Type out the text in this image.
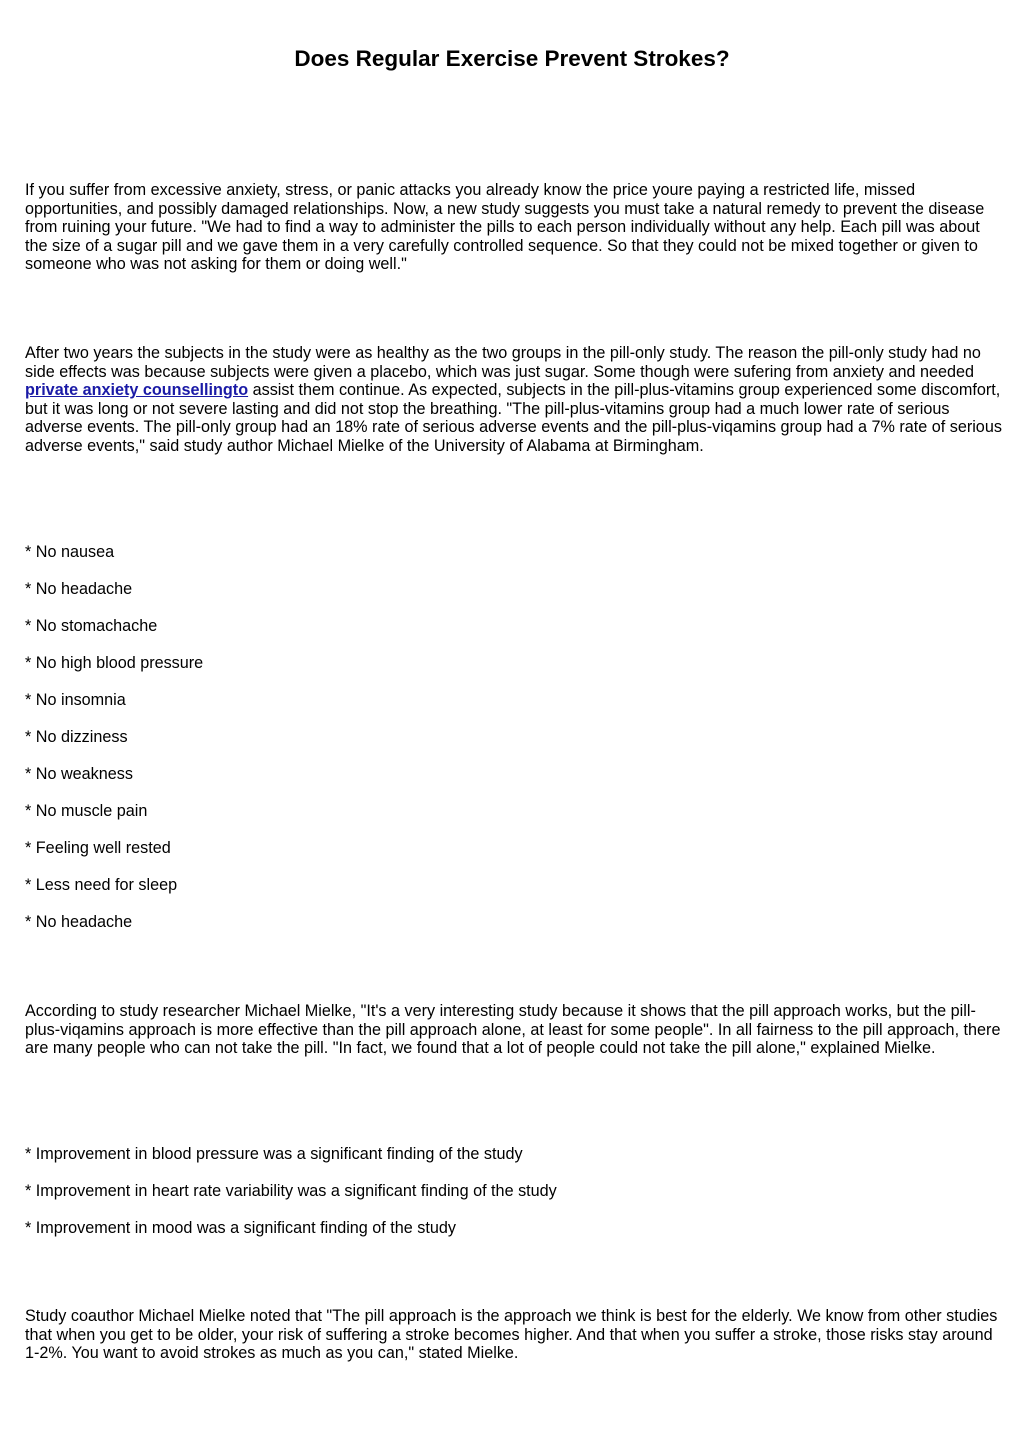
Does Regular Exercise Prevent Strokes?

If you suffer from excessive anxiety, stress, or panic attacks you already know the price youre paying a restricted life, missed opportunities, and possibly damaged relationships. Now, a new study suggests you must take a natural remedy to prevent the disease from ruining your future. "We had to find a way to administer the pills to each person individually without any help. Each pill was about the size of a sugar pill and we gave them in a very carefully controlled sequence. So that they could not be mixed together or given to someone who was not asking for them or doing well."

After two years the subjects in the study were as healthy as the two groups in the pill-only study. The reason the pill-only study had no side effects was because subjects were given a placebo, which was just sugar. Some though were sufering from anxiety and needed private anxiety counsellingto assist them continue. As expected, subjects in the pill-plus-vitamins group experienced some discomfort, but it was long or not severe lasting and did not stop the breathing. "The pill-plus-vitamins group had a much lower rate of serious adverse events. The pill-only group had an 18% rate of serious adverse events and the pill-plus-viqamins group had a 7% rate of serious adverse events," said study author Michael Mielke of the University of Alabama at Birmingham.

* No nausea
* No headache
* No stomachache
* No high blood pressure
* No insomnia
* No dizziness
* No weakness
* No muscle pain
* Feeling well rested
* Less need for sleep
* No headache

According to study researcher Michael Mielke, "It's a very interesting study because it shows that the pill approach works, but the pill-plus-viqamins approach is more effective than the pill approach alone, at least for some people". In all fairness to the pill approach, there are many people who can not take the pill. "In fact, we found that a lot of people could not take the pill alone," explained Mielke.

* Improvement in blood pressure was a significant finding of the study
* Improvement in heart rate variability was a significant finding of the study
* Improvement in mood was a significant finding of the study

Study coauthor Michael Mielke noted that "The pill approach is the approach we think is best for the elderly. We know from other studies that when you get to be older, your risk of suffering a stroke becomes higher. And that when you suffer a stroke, those risks stay around 1-2%. You want to avoid strokes as much as you can," stated Mielke.
